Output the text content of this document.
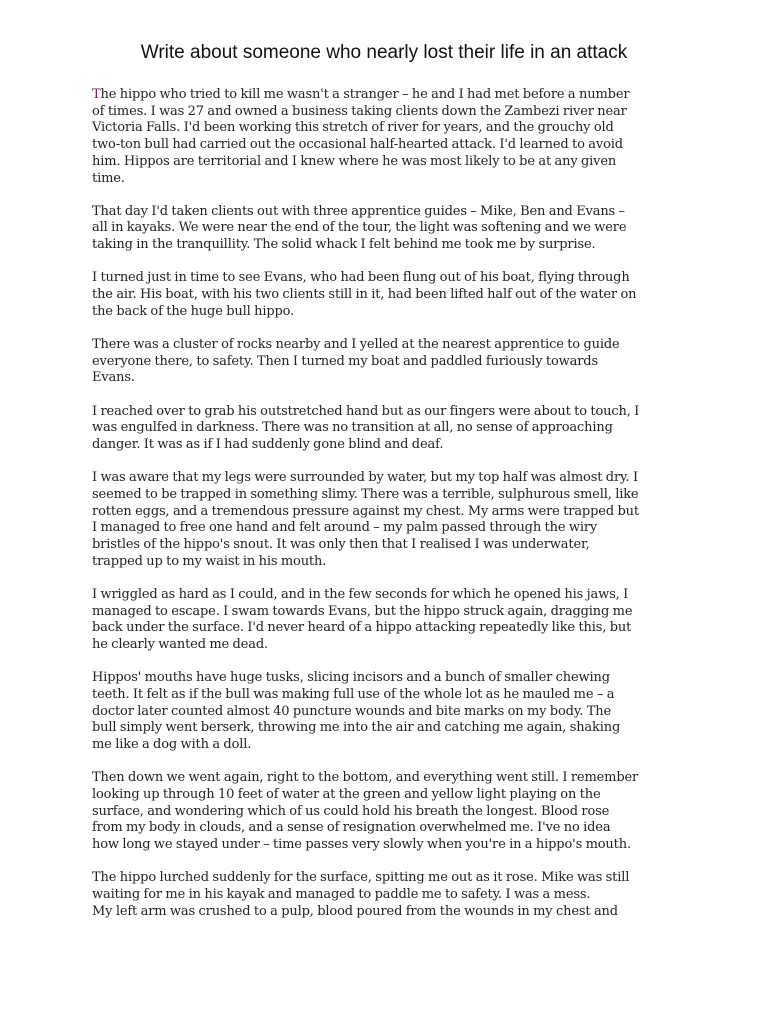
Write about someone who nearly lost their life in an attack

The hippo who tried to kill me wasn't a stranger – he and I had met before a number
of times. I was 27 and owned a business taking clients down the Zambezi river near
Victoria Falls. I'd been working this stretch of river for years, and the grouchy old
two-ton bull had carried out the occasional half-hearted attack. I'd learned to avoid
him. Hippos are territorial and I knew where he was most likely to be at any given
time.

That day I'd taken clients out with three apprentice guides – Mike, Ben and Evans –
all in kayaks. We were near the end of the tour, the light was softening and we were
taking in the tranquillity. The solid whack I felt behind me took me by surprise.

I turned just in time to see Evans, who had been flung out of his boat, flying through
the air. His boat, with his two clients still in it, had been lifted half out of the water on
the back of the huge bull hippo.

There was a cluster of rocks nearby and I yelled at the nearest apprentice to guide
everyone there, to safety. Then I turned my boat and paddled furiously towards
Evans.

I reached over to grab his outstretched hand but as our fingers were about to touch, I
was engulfed in darkness. There was no transition at all, no sense of approaching
danger. It was as if I had suddenly gone blind and deaf.

I was aware that my legs were surrounded by water, but my top half was almost dry. I
seemed to be trapped in something slimy. There was a terrible, sulphurous smell, like
rotten eggs, and a tremendous pressure against my chest. My arms were trapped but
I managed to free one hand and felt around – my palm passed through the wiry
bristles of the hippo's snout. It was only then that I realised I was underwater,
trapped up to my waist in his mouth.

I wriggled as hard as I could, and in the few seconds for which he opened his jaws, I
managed to escape. I swam towards Evans, but the hippo struck again, dragging me
back under the surface. I'd never heard of a hippo attacking repeatedly like this, but
he clearly wanted me dead.

Hippos' mouths have huge tusks, slicing incisors and a bunch of smaller chewing
teeth. It felt as if the bull was making full use of the whole lot as he mauled me – a
doctor later counted almost 40 puncture wounds and bite marks on my body. The
bull simply went berserk, throwing me into the air and catching me again, shaking
me like a dog with a doll.

Then down we went again, right to the bottom, and everything went still. I remember
looking up through 10 feet of water at the green and yellow light playing on the
surface, and wondering which of us could hold his breath the longest. Blood rose
from my body in clouds, and a sense of resignation overwhelmed me. I've no idea
how long we stayed under – time passes very slowly when you're in a hippo's mouth.

The hippo lurched suddenly for the surface, spitting me out as it rose. Mike was still
waiting for me in his kayak and managed to paddle me to safety. I was a mess.
My left arm was crushed to a pulp, blood poured from the wounds in my chest and
